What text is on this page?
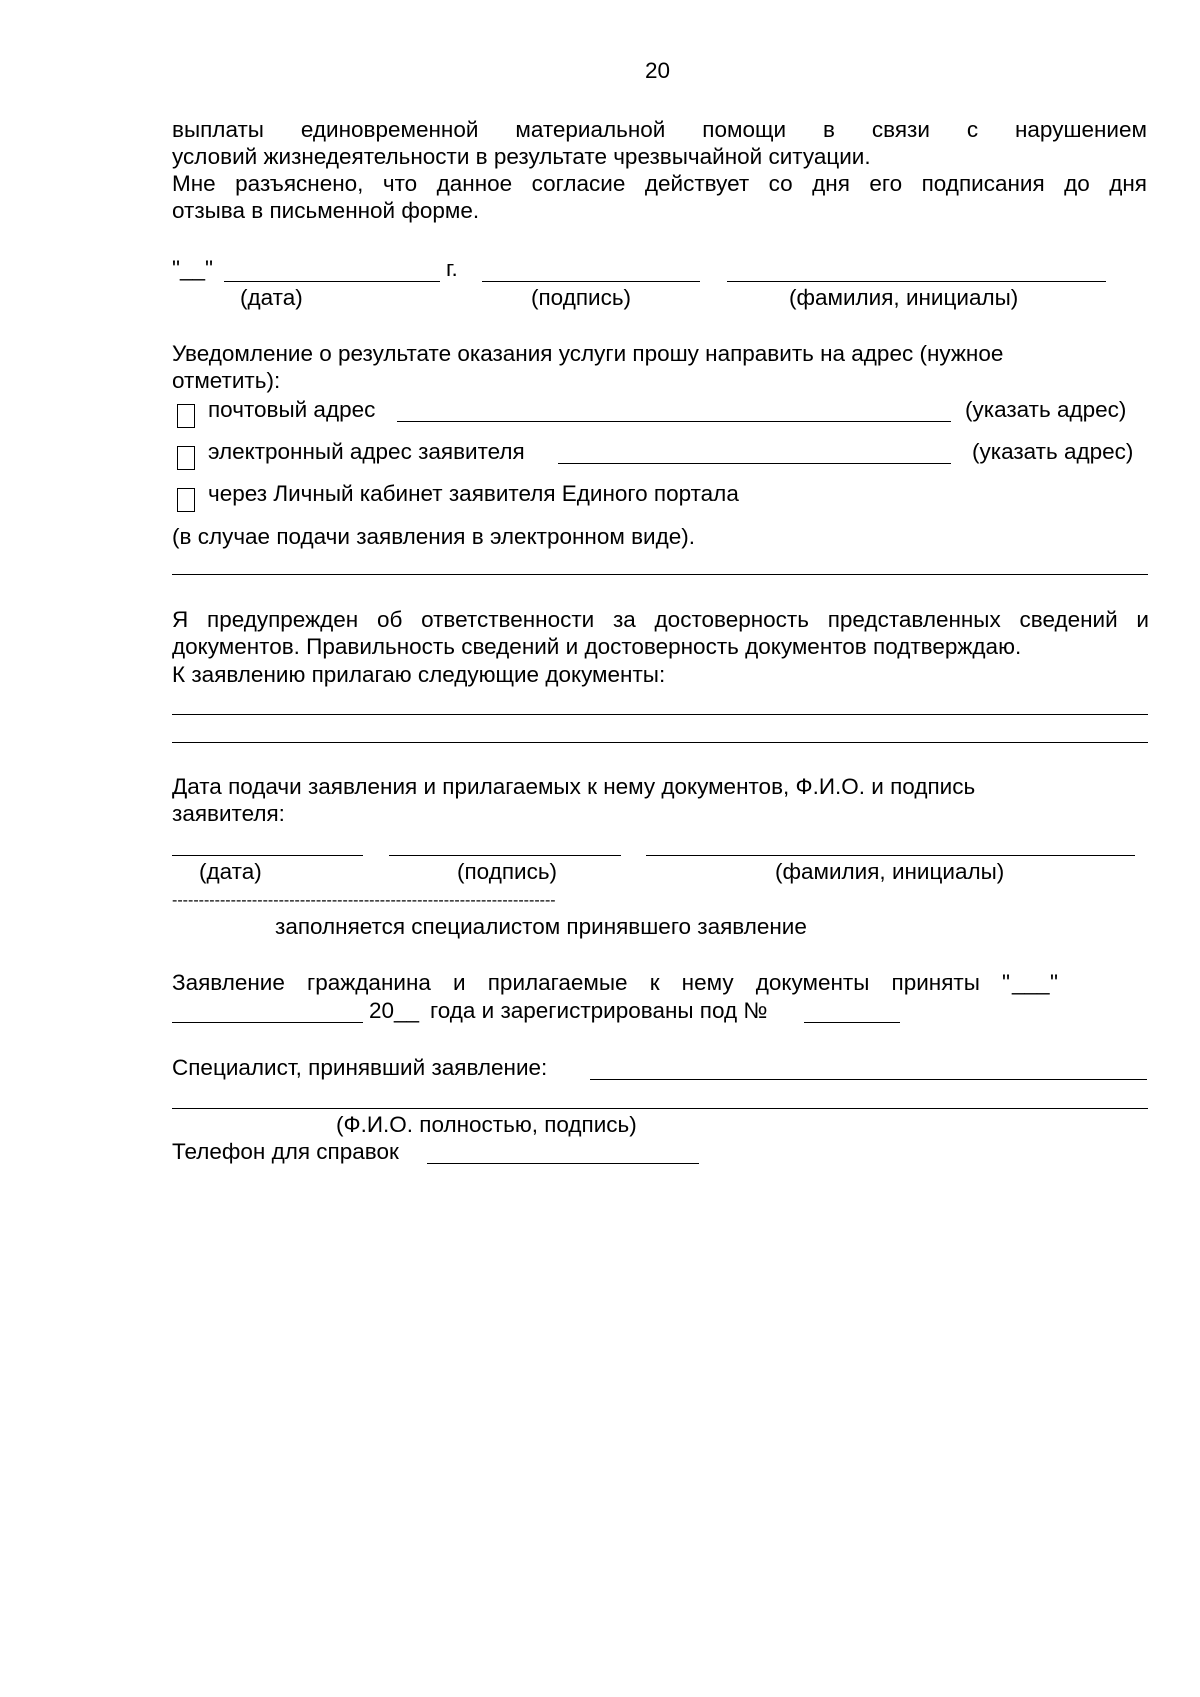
20
выплаты единовременной материальной помощи в связи с нарушением
условий жизнедеятельности в результате чрезвычайной ситуации.
Мне разъяснено, что данное согласие действует со дня его подписания до дня
отзыва в письменной форме.
"__"	г.
(дата)	(подпись)	(фамилия, инициалы)
Уведомление о результате оказания услуги прошу направить на адрес (нужное
отметить):
почтовый адрес	(указать адрес)
электронный адрес заявителя	(указать адрес)
через Личный кабинет заявителя Единого портала
(в случае подачи заявления в электронном виде).
Я предупрежден об ответственности за достоверность представленных сведений и
документов. Правильность сведений и достоверность документов подтверждаю.
К заявлению прилагаю следующие документы:
Дата подачи заявления и прилагаемых к нему документов, Ф.И.О. и подпись
заявителя:
(дата)	(подпись)	(фамилия, инициалы)
------------------------------------------------------------------------
заполняется специалистом принявшего заявление
Заявление гражданина и прилагаемые к нему документы приняты " ___ "
20__ года и зарегистрированы под №
Специалист, принявший заявление:
(Ф.И.О. полностью, подпись)
Телефон для справок
